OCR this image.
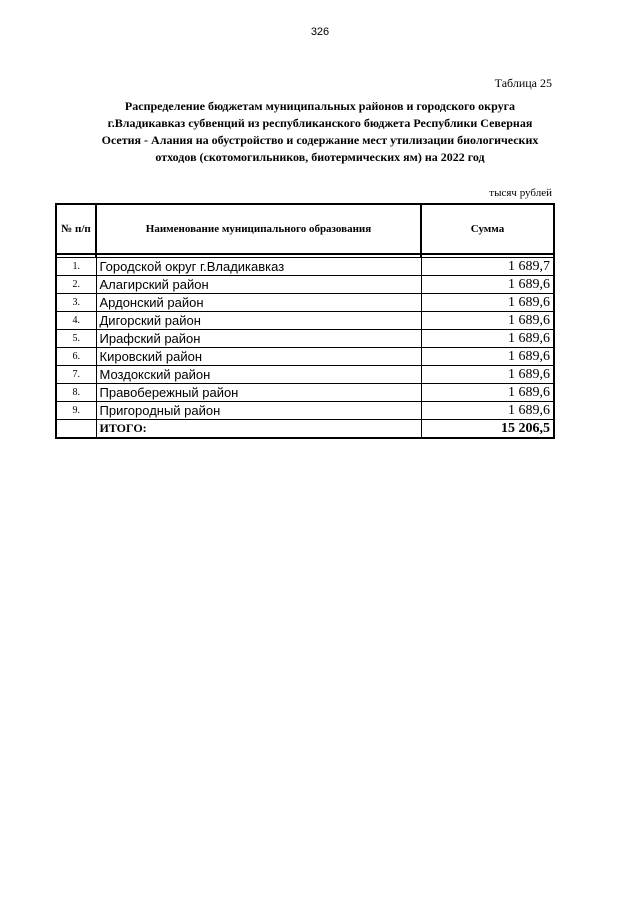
326
Таблица 25
Распределение бюджетам муниципальных районов и городского округа
г.Владикавказ субвенций из республиканского бюджета Республики Северная
Осетия - Алания на обустройство и содержание мест утилизации биологических
отходов (скотомогильников, биотермических ям) на 2022 год
тысяч рублей
№ п/п	Наименование муниципального образования	Сумма

1.	Городской округ г.Владикавказ	1 689,7
2.	Алагирский район	1 689,6
3.	Ардонский район	1 689,6
4.	Дигорский район	1 689,6
5.	Ирафский район	1 689,6
6.	Кировский район	1 689,6
7.	Моздокский район	1 689,6
8.	Правобережный район	1 689,6
9.	Пригородный район	1 689,6
	ИТОГО:	15 206,5
